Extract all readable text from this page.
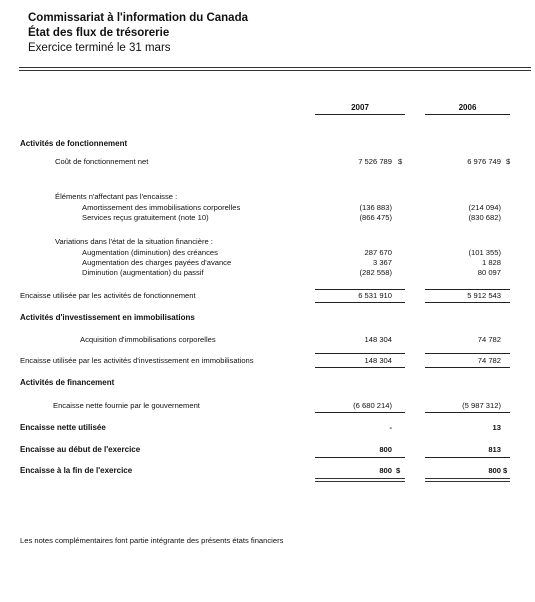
Commissariat à l'information du Canada
État des flux de trésorerie
Exercice terminé le 31 mars
2007	2006
Activités de fonctionnement
Coût de fonctionnement net	7 526 789 $	6 976 749 $
Éléments n'affectant pas l'encaisse :
Amortissement des immobilisations corporelles	(136 883)	(214 094)
Services reçus gratuitement (note 10)	(866 475)	(830 682)
Variations dans l'état de la situation financière :
Augmentation (diminution) des créances	287 670	(101 355)
Augmentation des charges payées d'avance	3 367	1 828
Diminution (augmentation) du passif	(282 558)	80 097
Encaisse utilisée par les activités de fonctionnement	6 531 910	5 912 543
Activités d'investissement en immobilisations
Acquisition d'immobilisations corporelles	148 304	74 782
Encaisse utilisée par les activités d'investissement en immobilisations	148 304	74 782
Activités de financement
Encaisse nette fournie par le gouvernement	(6 680 214)	(5 987 312)
Encaisse nette utilisée	-	13
Encaisse au début de l'exercice	800	813
Encaisse à la fin de l'exercice	800 $	800 $
Les notes complémentaires font partie intégrante des présents états financiers
